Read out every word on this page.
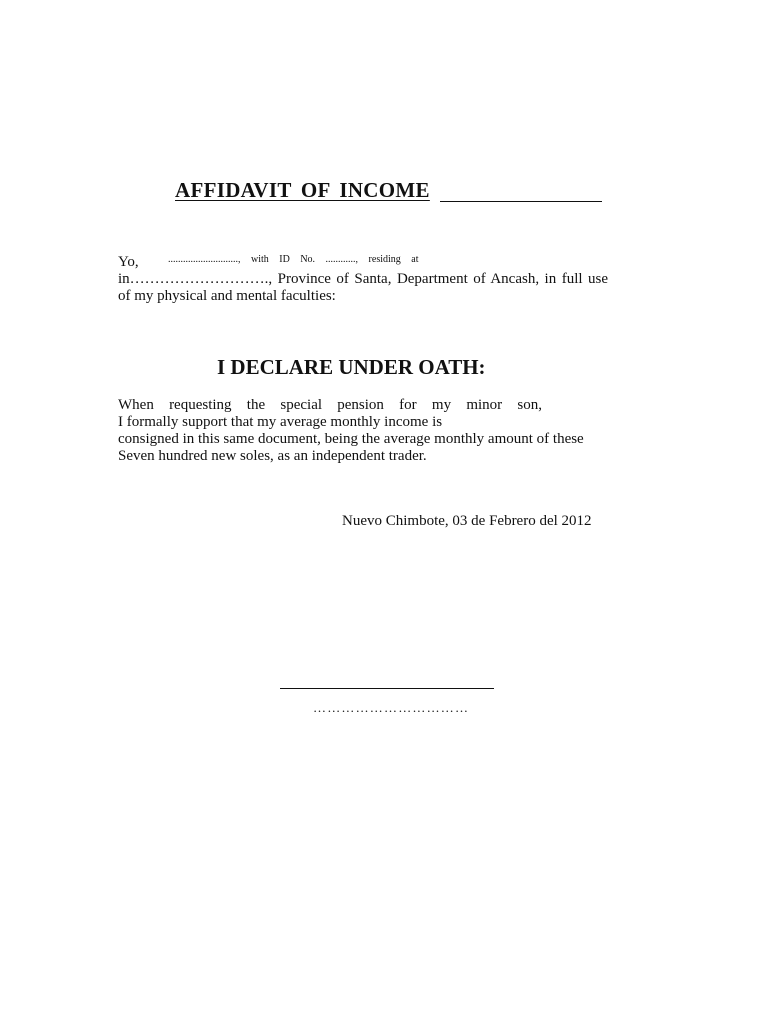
AFFIDAVIT OF INCOME
Yo,	............................, with ID No. ............, residing at
in………………………., Province of Santa, Department of Ancash, in full use
of my physical and mental faculties:
I DECLARE UNDER OATH:
When requesting the special pension for my minor son,
I formally support that my average monthly income is
consigned in this same document, being the average monthly amount of these
Seven hundred new soles, as an independent trader.
Nuevo Chimbote, 03 de Febrero del 2012
……………………………
